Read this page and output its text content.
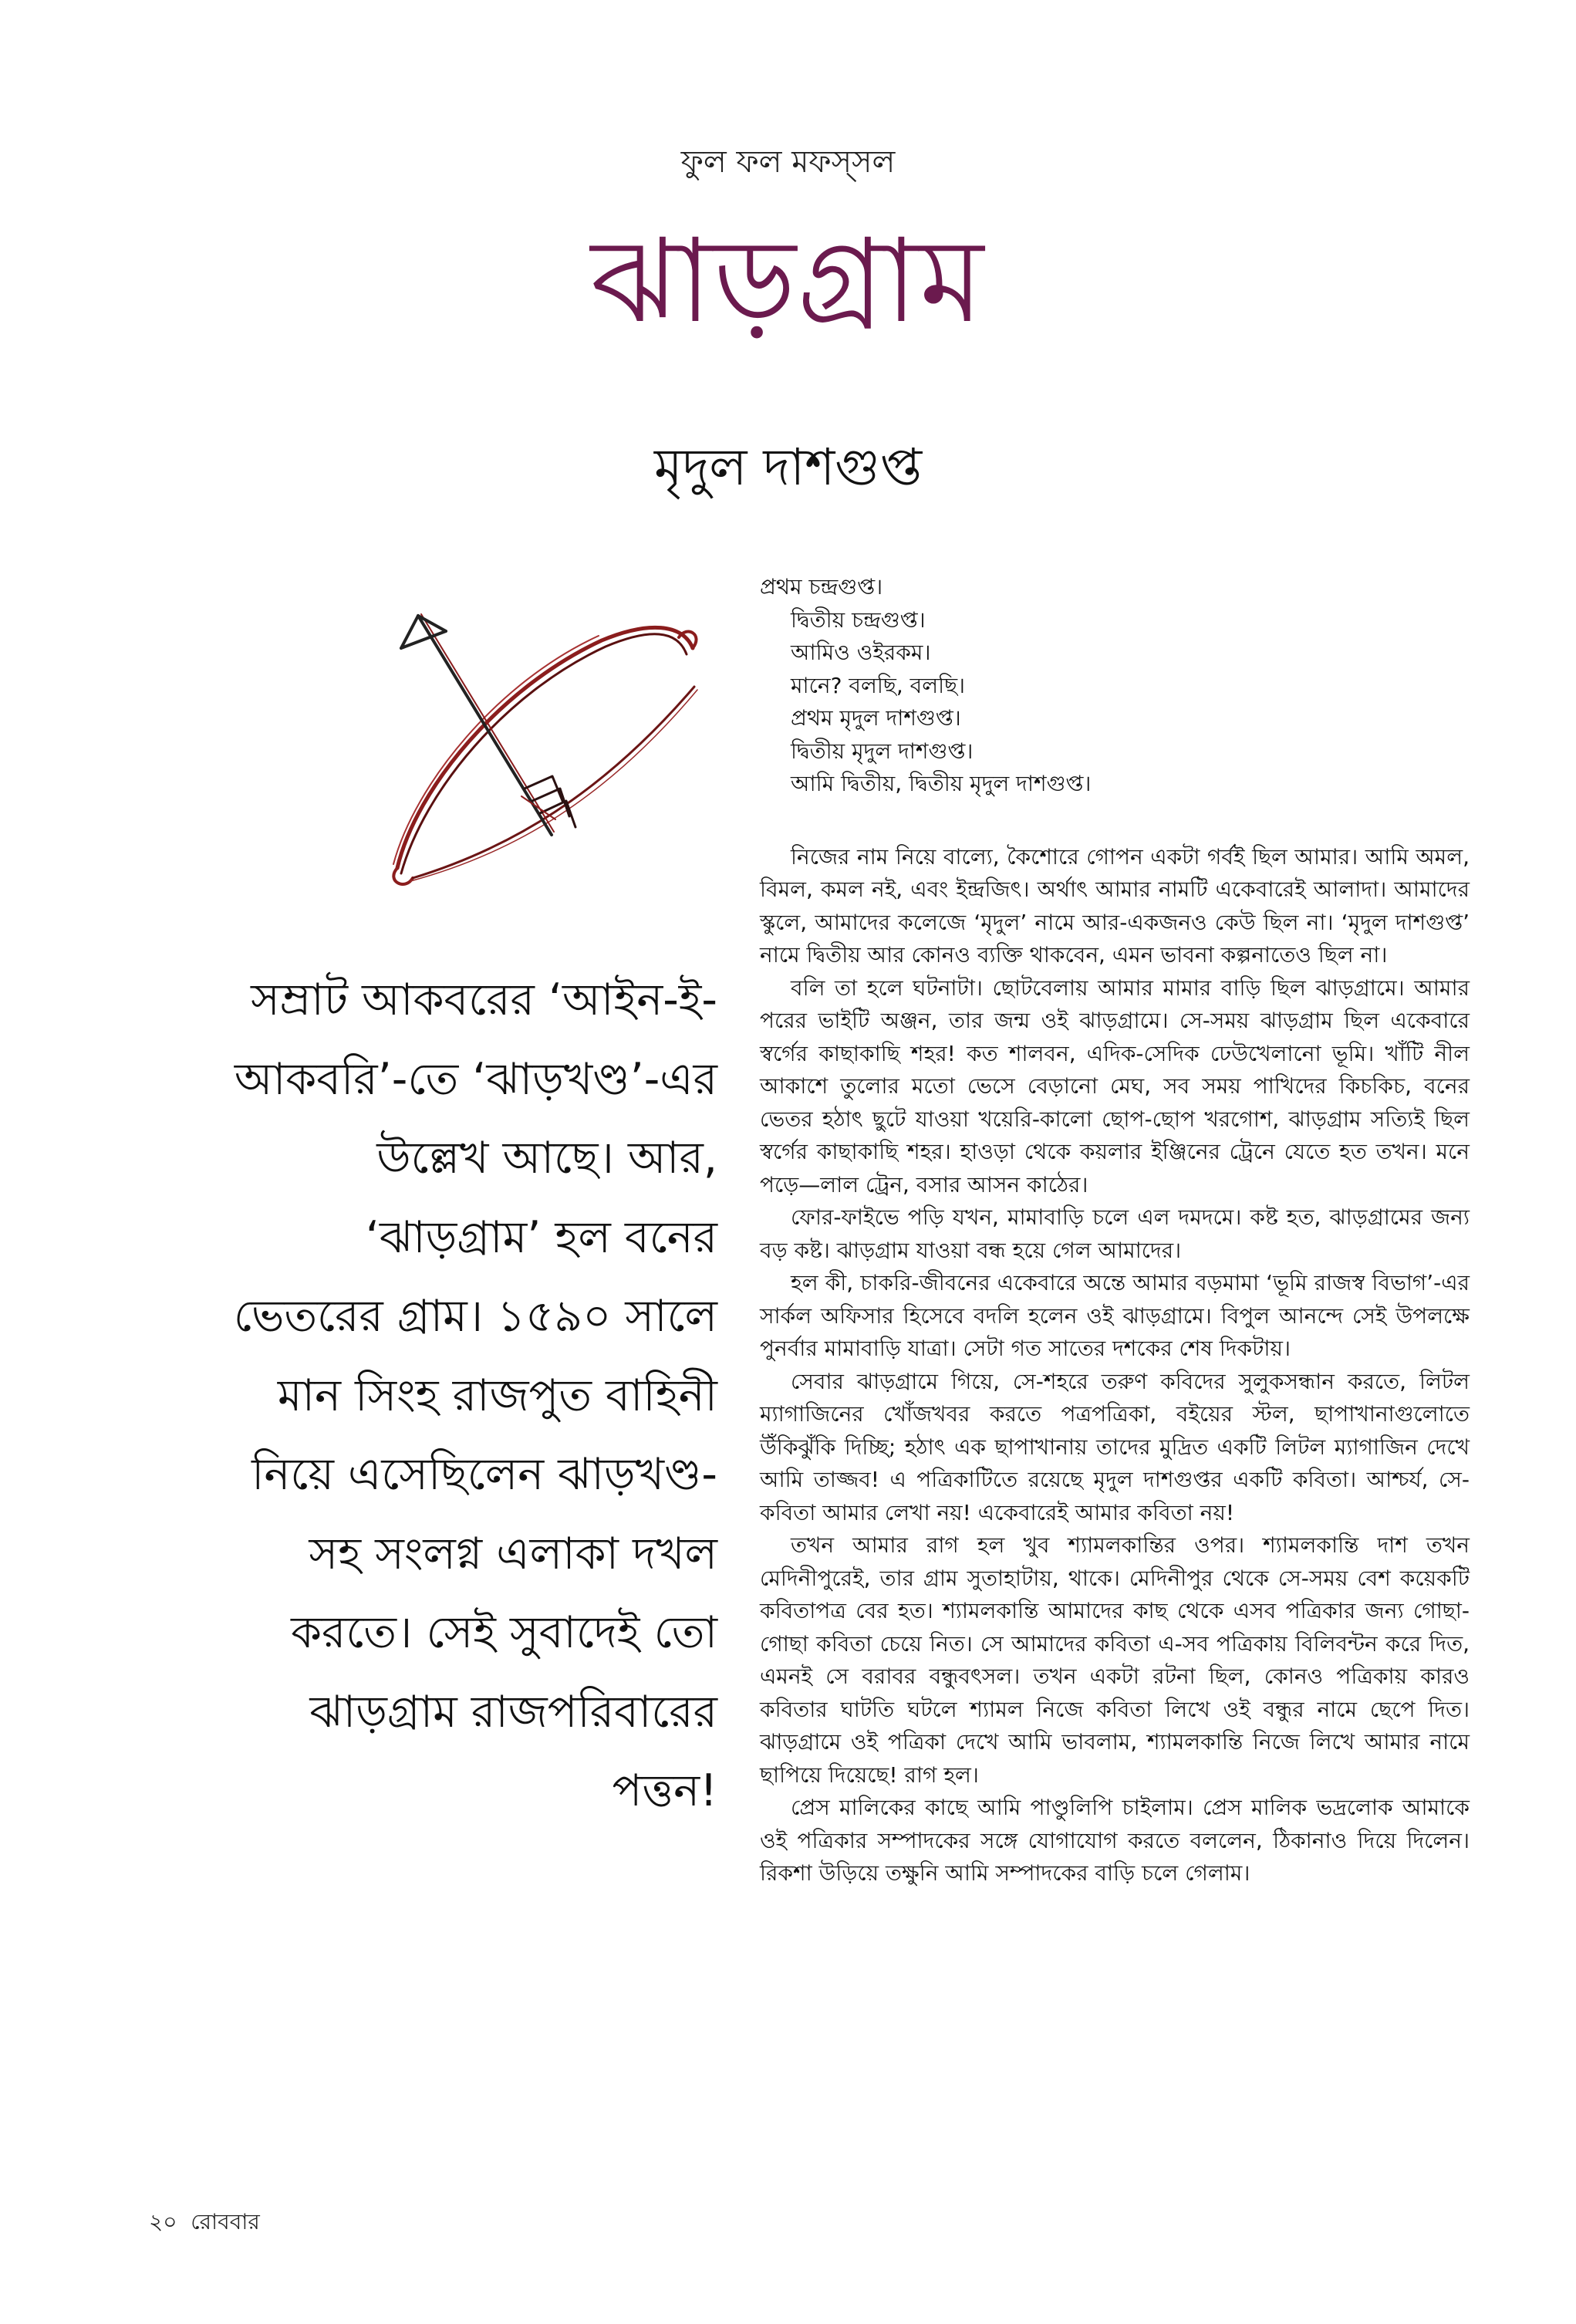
ফুল ফল মফস্‌সল
ঝাড়গ্রাম
মৃদুল দাশগুপ্ত
সম্রাট আকবরের ‘আইন-ই-আকবরি’-তে ‘ঝাড়খণ্ড’-এর উল্লেখ আছে। আর, ‘ঝাড়গ্রাম’ হল বনের ভেতরের গ্রাম। ১৫৯০ সালে মান সিংহ রাজপুত বাহিনী নিয়ে এসেছিলেন ঝাড়খণ্ড-সহ সংলগ্ন এলাকা দখল করতে। সেই সুবাদেই তো ঝাড়গ্রাম রাজপরিবারের পত্তন!
প্রথম চন্দ্রগুপ্ত।
দ্বিতীয় চন্দ্রগুপ্ত।
আমিও ওইরকম।
মানে? বলছি, বলছি।
প্রথম মৃদুল দাশগুপ্ত।
দ্বিতীয় মৃদুল দাশগুপ্ত।
আমি দ্বিতীয়, দ্বিতীয় মৃদুল দাশগুপ্ত।

নিজের নাম নিয়ে বাল্যে, কৈশোরে গোপন একটা গর্বই ছিল আমার। আমি অমল, বিমল, কমল নই, এবং ইন্দ্রজিৎ। অর্থাৎ আমার নামটি একেবারেই আলাদা। আমাদের স্কুলে, আমাদের কলেজে ‘মৃদুল’ নামে আর-একজনও কেউ ছিল না। ‘মৃদুল দাশগুপ্ত’ নামে দ্বিতীয় আর কোনও ব্যক্তি থাকবেন, এমন ভাবনা কল্পনাতেও ছিল না।

বলি তা হলে ঘটনাটা। ছোটবেলায় আমার মামার বাড়ি ছিল ঝাড়গ্রামে। আমার পরের ভাইটি অঞ্জন, তার জন্ম ওই ঝাড়গ্রামে। সে-সময় ঝাড়গ্রাম ছিল একেবারে স্বর্গের কাছাকাছি শহর! কত শালবন, এদিক-সেদিক ঢেউখেলানো ভূমি। খাঁটি নীল আকাশে তুলোর মতো ভেসে বেড়ানো মেঘ, সব সময় পাখিদের কিচকিচ, বনের ভেতর হঠাৎ ছুটে যাওয়া খয়েরি-কালো ছোপ-ছোপ খরগোশ, ঝাড়গ্রাম সত্যিই ছিল স্বর্গের কাছাকাছি শহর। হাওড়া থেকে কয়লার ইঞ্জিনের ট্রেনে যেতে হত তখন। মনে পড়ে—লাল ট্রেন, বসার আসন কাঠের।

ফোর-ফাইভে পড়ি যখন, মামাবাড়ি চলে এল দমদমে। কষ্ট হত, ঝাড়গ্রামের জন্য বড় কষ্ট। ঝাড়গ্রাম যাওয়া বন্ধ হয়ে গেল আমাদের।

হল কী, চাকরি-জীবনের একেবারে অন্তে আমার বড়মামা ‘ভূমি রাজস্ব বিভাগ’-এর সার্কল অফিসার হিসেবে বদলি হলেন ওই ঝাড়গ্রামে। বিপুল আনন্দে সেই উপলক্ষে পুনর্বার মামাবাড়ি যাত্রা। সেটা গত সাতের দশকের শেষ দিকটায়।

সেবার ঝাড়গ্রামে গিয়ে, সে-শহরে তরুণ কবিদের সুলুকসন্ধান করতে, লিটল ম্যাগাজিনের খোঁজখবর করতে পত্রপত্রিকা, বইয়ের স্টল, ছাপাখানাগুলোতে উঁকিঝুঁকি দিচ্ছি; হঠাৎ এক ছাপাখানায় তাদের মুদ্রিত একটি লিটল ম্যাগাজিন দেখে আমি তাজ্জব! এ পত্রিকাটিতে রয়েছে মৃদুল দাশগুপ্তর একটি কবিতা। আশ্চর্য, সে-কবিতা আমার লেখা নয়! একেবারেই আমার কবিতা নয়!

তখন আমার রাগ হল খুব শ্যামলকান্তির ওপর। শ্যামলকান্তি দাশ তখন মেদিনীপুরেই, তার গ্রাম সুতাহাটায়, থাকে। মেদিনীপুর থেকে সে-সময় বেশ কয়েকটি কবিতাপত্র বের হত। শ্যামলকান্তি আমাদের কাছ থেকে এসব পত্রিকার জন্য গোছা-গোছা কবিতা চেয়ে নিত। সে আমাদের কবিতা এ-সব পত্রিকায় বিলিবন্টন করে দিত, এমনই সে বরাবর বন্ধুবৎসল। তখন একটা রটনা ছিল, কোনও পত্রিকায় কারও কবিতার ঘাটতি ঘটলে শ্যামল নিজে কবিতা লিখে ওই বন্ধুর নামে ছেপে দিত। ঝাড়গ্রামে ওই পত্রিকা দেখে আমি ভাবলাম, শ্যামলকান্তি নিজে লিখে আমার নামে ছাপিয়ে দিয়েছে! রাগ হল।

প্রেস মালিকের কাছে আমি পাণ্ডুলিপি চাইলাম। প্রেস মালিক ভদ্রলোক আমাকে ওই পত্রিকার সম্পাদকের সঙ্গে যোগাযোগ করতে বললেন, ঠিকানাও দিয়ে দিলেন। রিকশা উড়িয়ে তক্ষুনি আমি সম্পাদকের বাড়ি চলে গেলাম।

২০ রোববার
